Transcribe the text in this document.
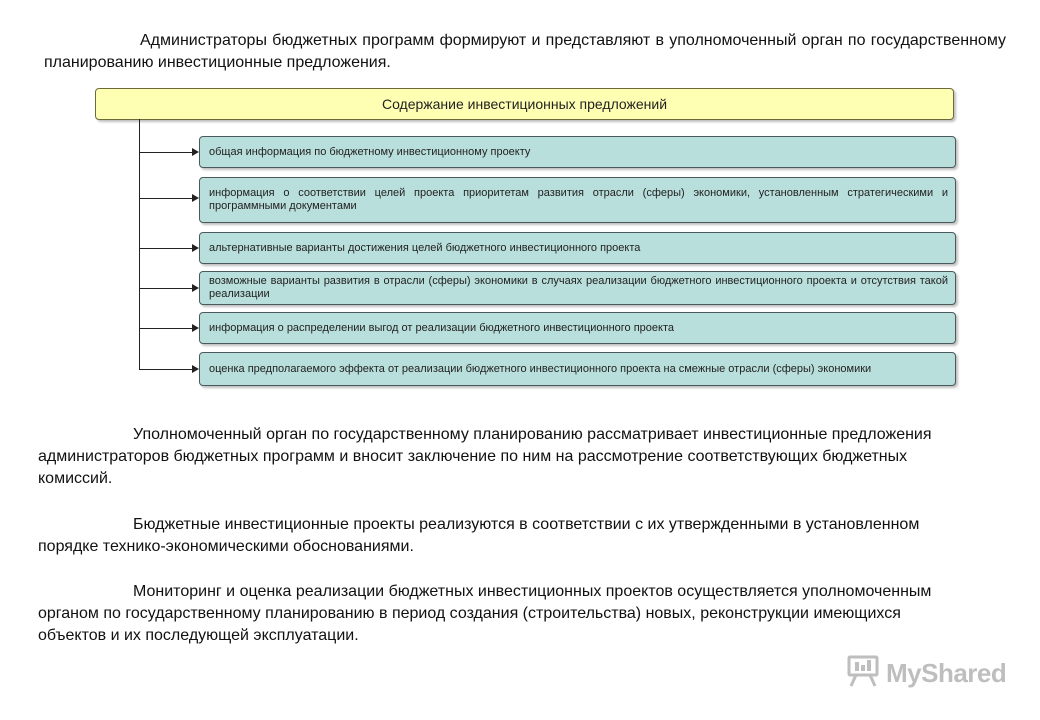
Администраторы бюджетных программ формируют и представляют в уполномоченный орган по государственному планированию инвестиционные предложения.

Содержание инвестиционных предложений
общая информация по бюджетному инвестиционному проекту
информация о соответствии целей проекта приоритетам развития отрасли (сферы) экономики, установленным стратегическими и программными документами
альтернативные варианты достижения целей бюджетного инвестиционного проекта
возможные варианты развития в отрасли (сферы) экономики в случаях реализации бюджетного инвестиционного проекта и отсутствия такой реализации
информация о распределении выгод от реализации бюджетного инвестиционного проекта
оценка предполагаемого эффекта от реализации бюджетного инвестиционного проекта на смежные отрасли (сферы) экономики

Уполномоченный орган по государственному планированию рассматривает инвестиционные предложения администраторов бюджетных программ и вносит заключение по ним на рассмотрение соответствующих бюджетных комиссий.

Бюджетные инвестиционные проекты реализуются в соответствии с их утвержденными в установленном порядке технико-экономическими обоснованиями.

Мониторинг и оценка реализации бюджетных инвестиционных проектов осуществляется уполномоченным органом по государственному планированию в период создания (строительства) новых, реконструкции имеющихся объектов и их последующей эксплуатации.

MyShared
